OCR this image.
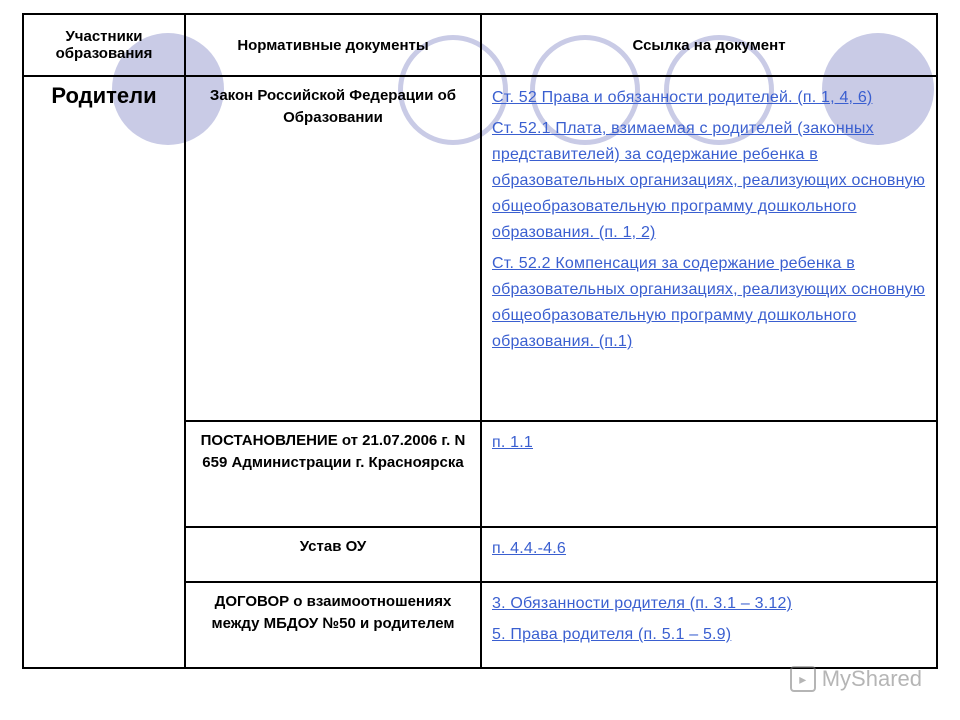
Участники образования	Нормативные документы	Ссылка на документ
Родители	Закон Российской Федерации об Образовании	Ст. 52 Права и обязанности родителей. (п. 1, 4, 6)
Ст. 52.1 Плата, взимаемая с родителей (законных представителей) за содержание ребенка в образовательных организациях, реализующих основную общеобразовательную программу дошкольного образования. (п. 1, 2)
Ст. 52.2 Компенсация за содержание ребенка в образовательных организациях, реализующих основную общеобразовательную программу дошкольного образования. (п.1)

	ПОСТАНОВЛЕНИЕ от 21.07.2006 г. N 659 Администрации г. Красноярска	п. 1.1

	Устав ОУ	п. 4.4.-4.6

	ДОГОВОР о взаимоотношениях между МБДОУ №50 и родителем	3. Обязанности родителя (п. 3.1 – 3.12)
5. Права родителя (п. 5.1 – 5.9)
▸ MyShared
